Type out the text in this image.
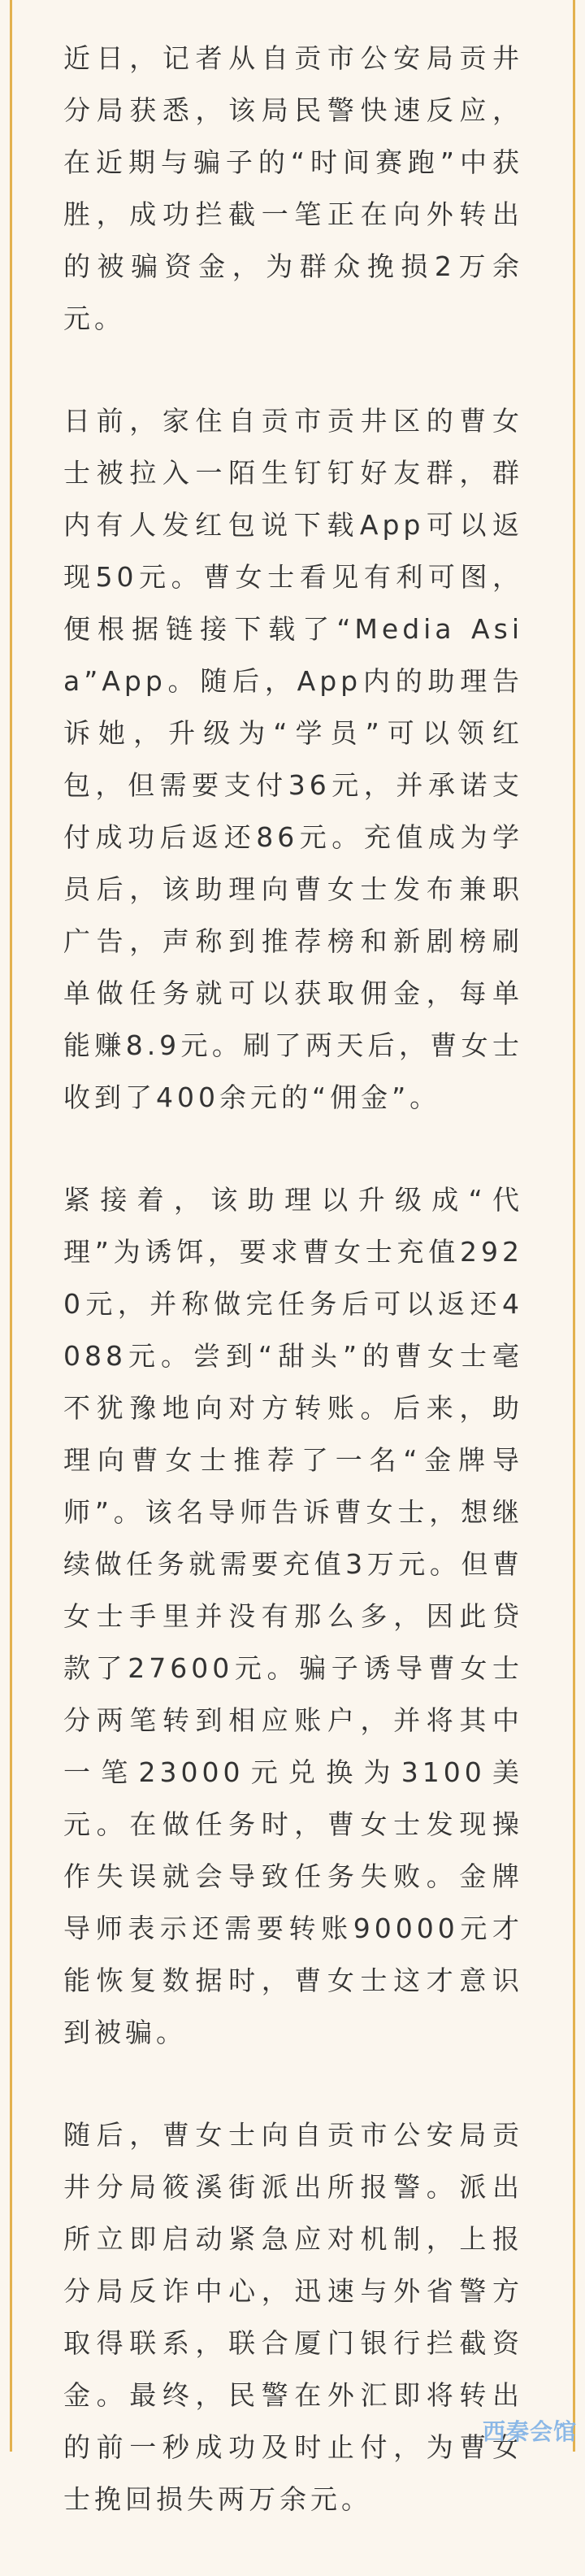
近日，记者从自贡市公安局贡井分局获悉，该局民警快速反应，在近期与骗子的“时间赛跑”中获胜，成功拦截一笔正在向外转出的被骗资金，为群众挽损2万余元。

日前，家住自贡市贡井区的曹女士被拉入一陌生钉钉好友群，群内有人发红包说下载App可以返现50元。曹女士看见有利可图，便根据链接下载了“Media Asia”App。随后，App内的助理告诉她，升级为“学员”可以领红包，但需要支付36元，并承诺支付成功后返还86元。充值成为学员后，该助理向曹女士发布兼职广告，声称到推荐榜和新剧榜刷单做任务就可以获取佣金，每单能赚8.9元。刷了两天后，曹女士收到了400余元的“佣金”。

紧接着，该助理以升级成“代理”为诱饵，要求曹女士充值2920元，并称做完任务后可以返还4088元。尝到“甜头”的曹女士毫不犹豫地向对方转账。后来，助理向曹女士推荐了一名“金牌导师”。该名导师告诉曹女士，想继续做任务就需要充值3万元。但曹女士手里并没有那么多，因此贷款了27600元。骗子诱导曹女士分两笔转到相应账户，并将其中一笔23000元兑换为3100美元。在做任务时，曹女士发现操作失误就会导致任务失败。金牌导师表示还需要转账90000元才能恢复数据时，曹女士这才意识到被骗。

随后，曹女士向自贡市公安局贡井分局筱溪街派出所报警。派出所立即启动紧急应对机制，上报分局反诈中心，迅速与外省警方取得联系，联合厦门银行拦截资金。最终，民警在外汇即将转出的前一秒成功及时止付，为曹女士挽回损失两万余元。

西秦会馆
